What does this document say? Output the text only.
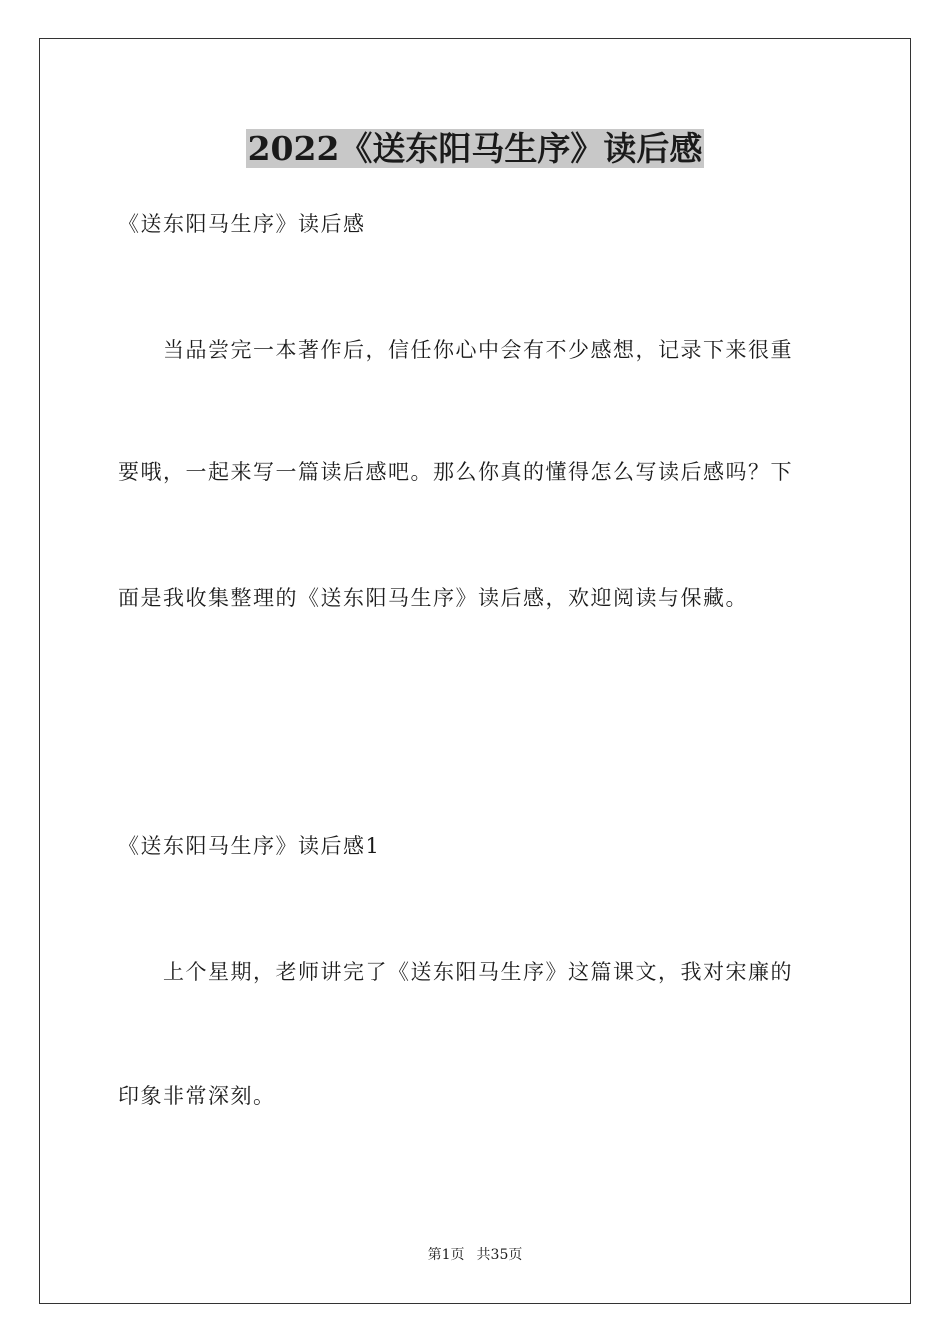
2022《送东阳马生序》读后感

《送东阳马生序》读后感

当品尝完一本著作后，信任你心中会有不少感想，记录下来很重

要哦，一起来写一篇读后感吧。那么你真的懂得怎么写读后感吗？下

面是我收集整理的《送东阳马生序》读后感，欢迎阅读与保藏。

《送东阳马生序》读后感1

上个星期，老师讲完了《送东阳马生序》这篇课文，我对宋廉的

印象非常深刻。

第1页 共35页
